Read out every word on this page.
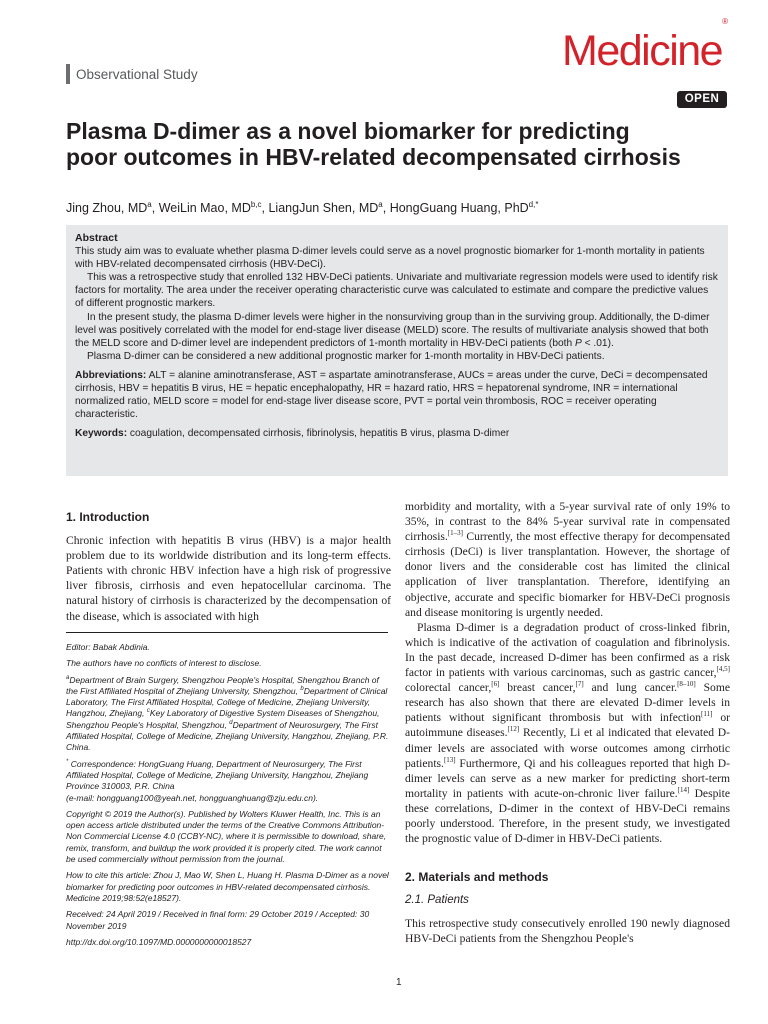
Observational Study	Medicine®
OPEN
Plasma D-dimer as a novel biomarker for predicting poor outcomes in HBV-related decompensated cirrhosis
Jing Zhou, $MD^a$, WeiLin Mao, MD$^{b,c}$, LiangJun Shen, $MD^a$, HongGuang Huang, PhD$^{d,*}$

Abstract

This study aim was to evaluate whether plasma D-dimer levels could serve as a novel prognostic biomarker for 1-month mortality in patients with HBV-related decompensated cirrhosis (HBV-DeCi).

This was a retrospective study that enrolled 132 HBV-DeCi patients. Univariate and multivariate regression models were used to identify risk factors for mortality. The area under the receiver operating characteristic curve was calculated to estimate and compare the predictive values of different prognostic markers.

In the present study, the plasma D-dimer levels were higher in the nonsurviving group than in the surviving group. Additionally, the D-dimer level was positively correlated with the model for end-stage liver disease (MELD) score. The results of multivariate analysis showed that both the MELD score and D-dimer level are independent predictors of 1-month mortality in HBV-DeCi patients (both P < .01).

Plasma D-dimer can be considered a new additional prognostic marker for 1-month mortality in HBV-DeCi patients.

Abbreviations: ALT = alanine aminotransferase, AST = aspartate aminotransferase, AUCs = areas under the curve, DeCi = decompensated cirrhosis, HBV = hepatitis B virus, HE = hepatic encephalopathy, HR = hazard ratio, HRS = hepatorenal syndrome, INR = international normalized ratio, MELD score = model for end-stage liver disease score, PVT = portal vein thrombosis, ROC = receiver operating characteristic.

Keywords: coagulation, decompensated cirrhosis, fibrinolysis, hepatitis B virus, plasma D-dimer

1. Introduction

Chronic infection with hepatitis B virus (HBV) is a major health problem due to its worldwide distribution and its long-term effects. Patients with chronic HBV infection have a high risk of progressive liver fibrosis, cirrhosis and even hepatocellular carcinoma. The natural history of cirrhosis is characterized by the decompensation of the disease, which is associated with high

Editor: Babak Abdinia.

The authors have no conflicts of interest to disclose.

$^a$Department of Brain Surgery, Shengzhou People's Hospital, Shengzhou Branch of the First Affiliated Hospital of Zhejiang University, Shengzhou, $^b$Department of Clinical Laboratory, The First Affiliated Hospital, College of Medicine, Zhejiang University, Hangzhou, Zhejiang, $^c$Key Laboratory of Digestive System Diseases of Shengzhou, Shengzhou People's Hospital, Shengzhou, $^d$Department of Neurosurgery, The First Affiliated Hospital, College of Medicine, Zhejiang University, Hangzhou, Zhejiang, P.R. China.

* Correspondence: HongGuang Huang, Department of Neurosurgery, The First Affiliated Hospital, College of Medicine, Zhejiang University, Hangzhou, Zhejiang Province 310003, P.R. China
(e-mail: hongguang100@yeah.net, hongguanghuang@zju.edu.cn).

Copyright © 2019 the Author(s). Published by Wolters Kluwer Health, Inc. This is an open access article distributed under the terms of the Creative Commons Attribution-Non Commercial License 4.0 (CCBY-NC), where it is permissible to download, share, remix, transform, and buildup the work provided it is properly cited. The work cannot be used commercially without permission from the journal.

How to cite this article: Zhou J, Mao W, Shen L, Huang H. Plasma D-Dimer as a novel biomarker for predicting poor outcomes in HBV-related decompensated cirrhosis. Medicine 2019;98:52(e18527).

Received: 24 April 2019 / Received in final form: 29 October 2019 / Accepted: 30 November 2019

http://dx.doi.org/10.1097/MD.0000000000018527

morbidity and mortality, with a 5-year survival rate of only 19% to 35%, in contrast to the 84% 5-year survival rate in compensated cirrhosis.[1–3] Currently, the most effective therapy for decompensated cirrhosis (DeCi) is liver transplantation. However, the shortage of donor livers and the considerable cost has limited the clinical application of liver transplantation. Therefore, identifying an objective, accurate and specific biomarker for HBV-DeCi prognosis and disease monitoring is urgently needed.

Plasma D-dimer is a degradation product of cross-linked fibrin, which is indicative of the activation of coagulation and fibrinolysis. In the past decade, increased D-dimer has been confirmed as a risk factor in patients with various carcinomas, such as gastric cancer,[4,5] colorectal cancer,[6] breast cancer,[7] and lung cancer.[8–10] Some research has also shown that there are elevated D-dimer levels in patients without significant thrombosis but with infection[11] or autoimmune diseases.[12] Recently, Li et al indicated that elevated D-dimer levels are associated with worse outcomes among cirrhotic patients.[13] Furthermore, Qi and his colleagues reported that high D-dimer levels can serve as a new marker for predicting short-term mortality in patients with acute-on-chronic liver failure.[14] Despite these correlations, D-dimer in the context of HBV-DeCi remains poorly understood. Therefore, in the present study, we investigated the prognostic value of D-dimer in HBV-DeCi patients.

2. Materials and methods
2.1. Patients

This retrospective study consecutively enrolled 190 newly diagnosed HBV-DeCi patients from the Shengzhou People's

1
